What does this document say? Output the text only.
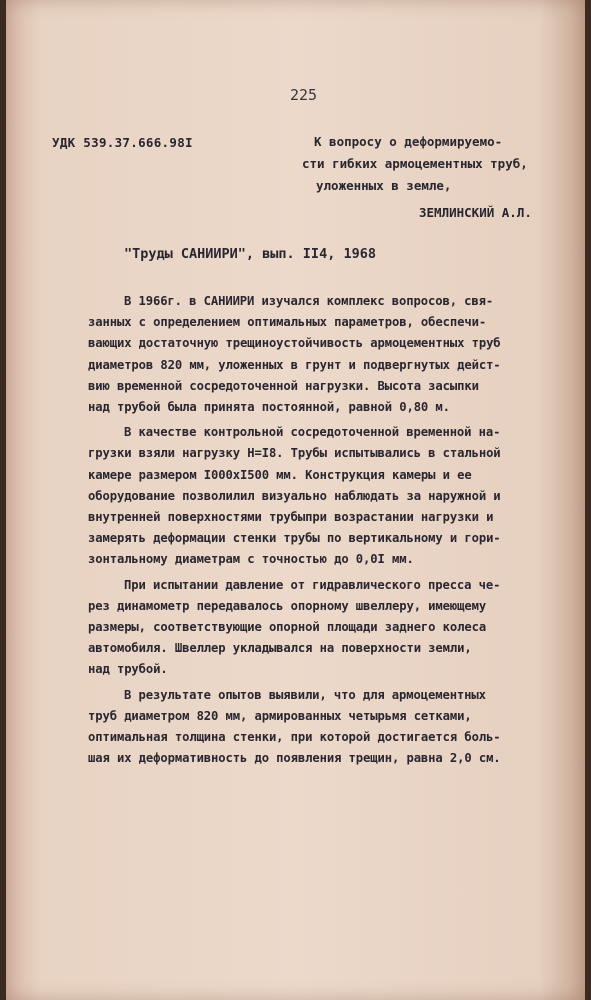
225
УДК 539.37.666.98I	К вопросу о деформируемо-
сти гибких армоцементных труб,
уложенных в земле,
ЗЕМЛИНСКИЙ А.Л.
"Труды САНИИРИ", вып. II4, 1968
В 1966г. в САНИИРИ изучался комплекс вопросов, свя-
занных с определением оптимальных параметров, обеспечи-
вающих достаточную трещиноустойчивость армоцементных труб
диаметров 820 мм, уложенных в грунт и подвергнутых дейст-
вию временной сосредоточенной нагрузки. Высота засыпки
над трубой была принята постоянной, равной 0,80 м.
В качестве контрольной сосредоточенной временной на-
грузки взяли нагрузку Н=I8. Трубы испытывались в стальной
камере размером I000хI500 мм. Конструкция камеры и ее
оборудование позволилил визуально наблюдать за наружной и
внутренней поверхностями трубыпри возрастании нагрузки и
замерять деформации стенки трубы по вертикальному и гори-
зонтальному диаметрам с точностью до 0,0I мм.
При испытании давление от гидравлического пресса че-
рез динамометр передавалось опорному швеллеру, имеющему
размеры, соответствующие опорной площади заднего колеса
автомобиля. Швеллер укладывался на поверхности земли,
над трубой.
В результате опытов выявили, что для армоцементных
труб диаметром 820 мм, армированных четырьмя сетками,
оптимальная толщина стенки, при которой достигается боль-
шая их деформативность до появления трещин, равна 2,0 см.
